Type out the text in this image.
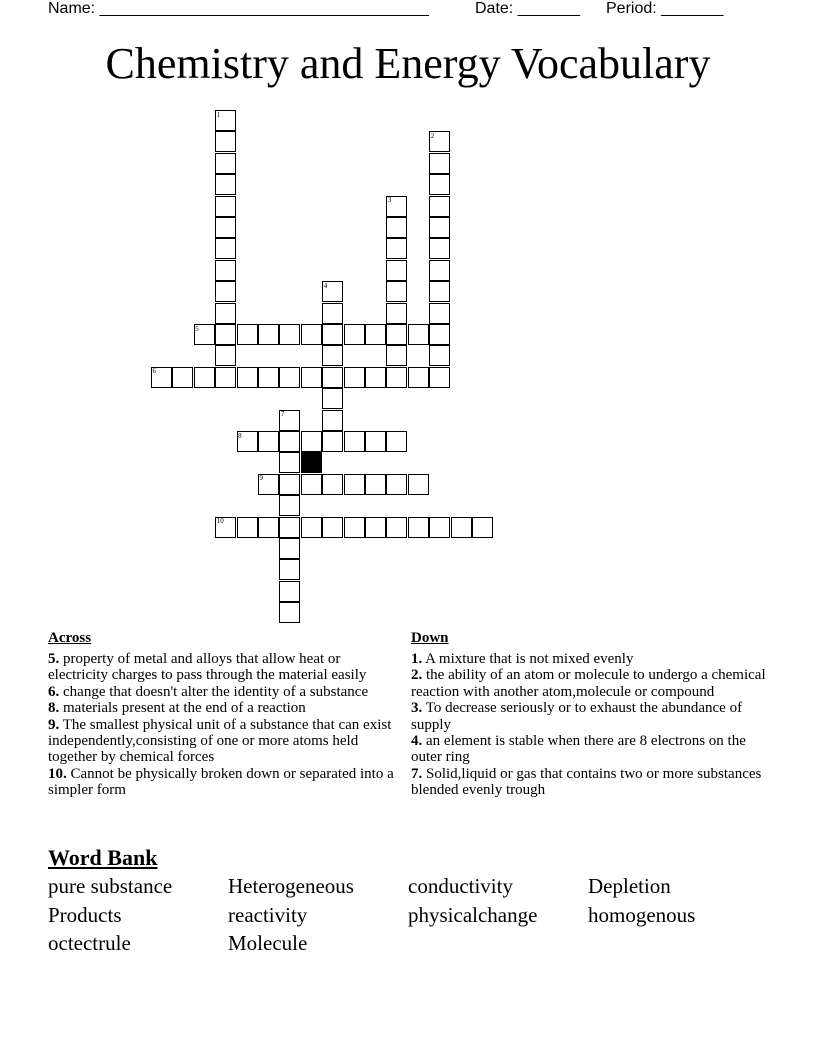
Name: _____________________________________	Date: _______ Period: _______
Chemistry and Energy Vocabulary
1
2
3
4
5
6
7
8
9
10
Across
5. property of metal and alloys that allow heat or electricity charges to pass through the material easily
6. change that doesn't alter the identity of a substance
8. materials present at the end of a reaction
9. The smallest physical unit of a substance that can exist independently,consisting of one or more atoms held together by chemical forces
10. Cannot be physically broken down or separated into a simpler form
Down
1. A mixture that is not mixed evenly
2. the ability of an atom or molecule to undergo a chemical reaction with another atom,molecule or compound
3. To decrease seriously or to exhaust the abundance of supply
4. an element is stable when there are 8 electrons on the outer ring
7. Solid,liquid or gas that contains two or more substances blended evenly trough
Word Bank
pure substance	Heterogeneous	conductivity	Depletion
Products	reactivity	physicalchange homogenous
octectrule	Molecule
